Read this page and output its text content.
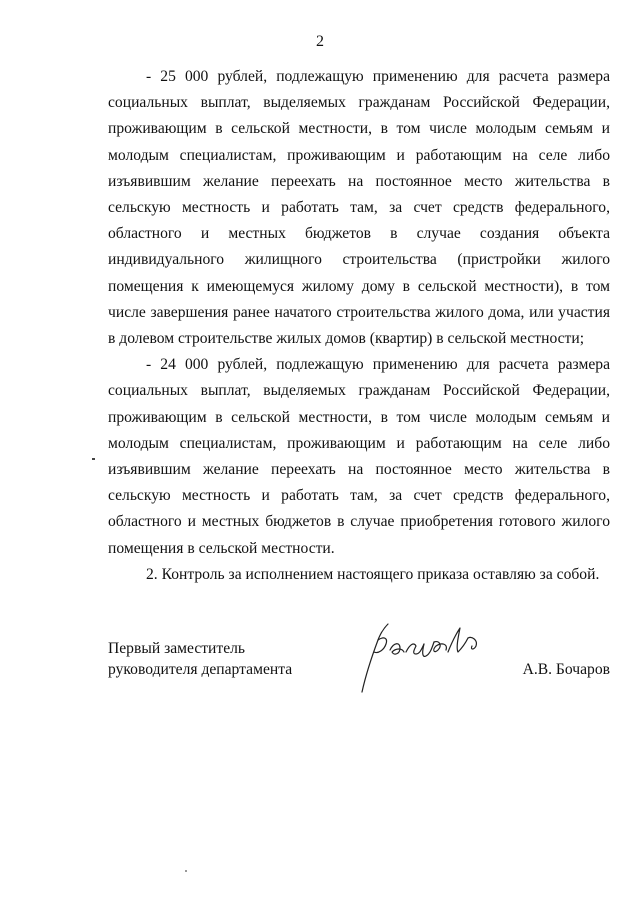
2

- 25 000 рублей, подлежащую применению для расчета размера социальных выплат, выделяемых гражданам Российской Федерации, проживающим в сельской местности, в том числе молодым семьям и молодым специалистам, проживающим и работающим на селе либо изъявившим желание переехать на постоянное место жительства в сельскую местность и работать там, за счет средств федерального, областного и местных бюджетов в случае создания объекта индивидуального жилищного строительства (пристройки жилого помещения к имеющемуся жилому дому в сельской местности), в том числе завершения ранее начатого строительства жилого дома, или участия в долевом строительстве жилых домов (квартир) в сельской местности;

- 24 000 рублей, подлежащую применению для расчета размера социальных выплат, выделяемых гражданам Российской Федерации, проживающим в сельской местности, в том числе молодым семьям и молодым специалистам, проживающим и работающим на селе либо изъявившим желание переехать на постоянное место жительства в сельскую местность и работать там, за счет средств федерального, областного и местных бюджетов в случае приобретения готового жилого помещения в сельской местности.

2. Контроль за исполнением настоящего приказа оставляю за собой.

Первый заместитель
руководителя департамента	А.В. Бочаров
